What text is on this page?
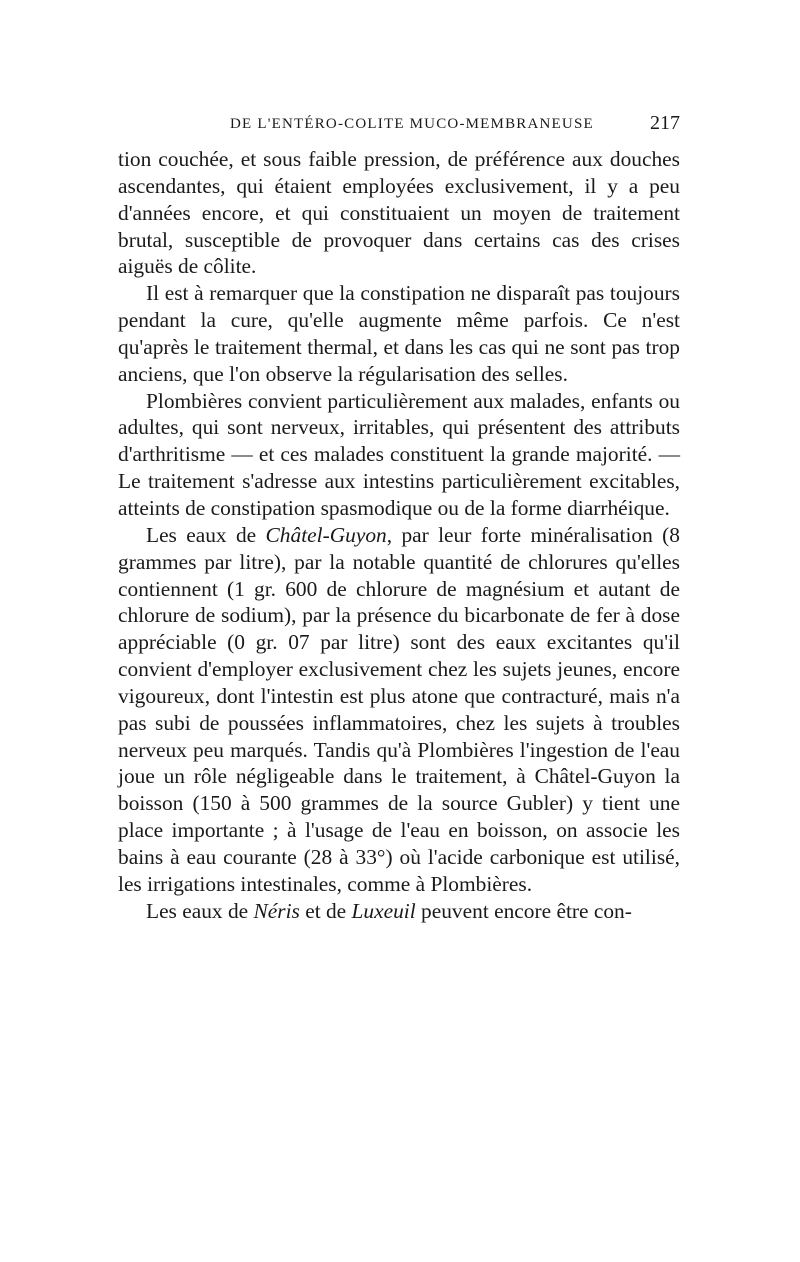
DE L'ENTÉRO-COLITE MUCO-MEMBRANEUSE	217

tion couchée, et sous faible pression, de préférence aux douches ascendantes, qui étaient employées exclusivement, il y a peu d'années encore, et qui constituaient un moyen de traitement brutal, susceptible de provoquer dans certains cas des crises aiguës de côlite.

Il est à remarquer que la constipation ne disparaît pas toujours pendant la cure, qu'elle augmente même parfois. Ce n'est qu'après le traitement thermal, et dans les cas qui ne sont pas trop anciens, que l'on observe la régularisation des selles.

Plombières convient particulièrement aux malades, enfants ou adultes, qui sont nerveux, irritables, qui présentent des attributs d'arthritisme — et ces malades constituent la grande majorité. — Le traitement s'adresse aux intestins particulièrement excitables, atteints de constipation spasmodique ou de la forme diarrhéique.

Les eaux de Châtel-Guyon, par leur forte minéralisation (8 grammes par litre), par la notable quantité de chlorures qu'elles contiennent (1 gr. 600 de chlorure de magnésium et autant de chlorure de sodium), par la présence du bicarbonate de fer à dose appréciable (0 gr. 07 par litre) sont des eaux excitantes qu'il convient d'employer exclusivement chez les sujets jeunes, encore vigoureux, dont l'intestin est plus atone que contracturé, mais n'a pas subi de poussées inflammatoires, chez les sujets à troubles nerveux peu marqués. Tandis qu'à Plombières l'ingestion de l'eau joue un rôle négligeable dans le traitement, à Châtel-Guyon la boisson (150 à 500 grammes de la source Gubler) y tient une place importante ; à l'usage de l'eau en boisson, on associe les bains à eau courante (28 à 33°) où l'acide carbonique est utilisé, les irrigations intestinales, comme à Plombières.

Les eaux de Néris et de Luxeuil peuvent encore être con-
